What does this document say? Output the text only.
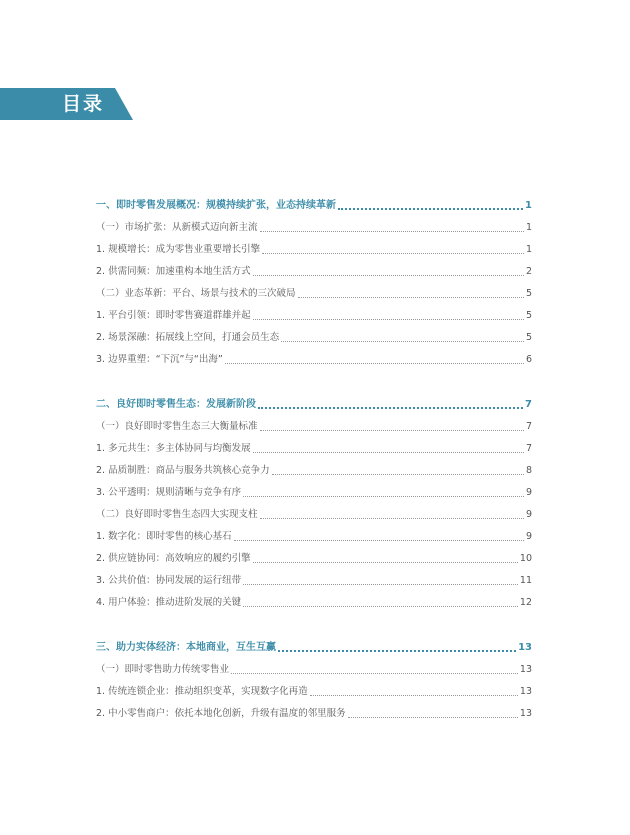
目录
一、即时零售发展概况：规模持续扩张，业态持续革新	1
（一）市场扩张：从新模式迈向新主流	1
1. 规模增长：成为零售业重要增长引擎	1
2. 供需同频：加速重构本地生活方式	2
（二）业态革新：平台、场景与技术的三次破局	5
1. 平台引领：即时零售赛道群雄并起	5
2. 场景深融：拓展线上空间，打通会员生态	5
3. 边界重塑：“下沉”与“出海”	6
二、良好即时零售生态：发展新阶段	7
（一）良好即时零售生态三大衡量标准	7
1. 多元共生：多主体协同与均衡发展	7
2. 品质制胜：商品与服务共筑核心竞争力	8
3. 公平透明：规则清晰与竞争有序	9
（二）良好即时零售生态四大实现支柱	9
1. 数字化：即时零售的核心基石	9
2. 供应链协同：高效响应的履约引擎	10
3. 公共价值：协同发展的运行纽带	11
4. 用户体验：推动进阶发展的关键	12
三、助力实体经济：本地商业，互生互赢	13
（一）即时零售助力传统零售业	13
1. 传统连锁企业：推动组织变革，实现数字化再造	13
2. 中小零售商户：依托本地化创新，升级有温度的邻里服务	13
